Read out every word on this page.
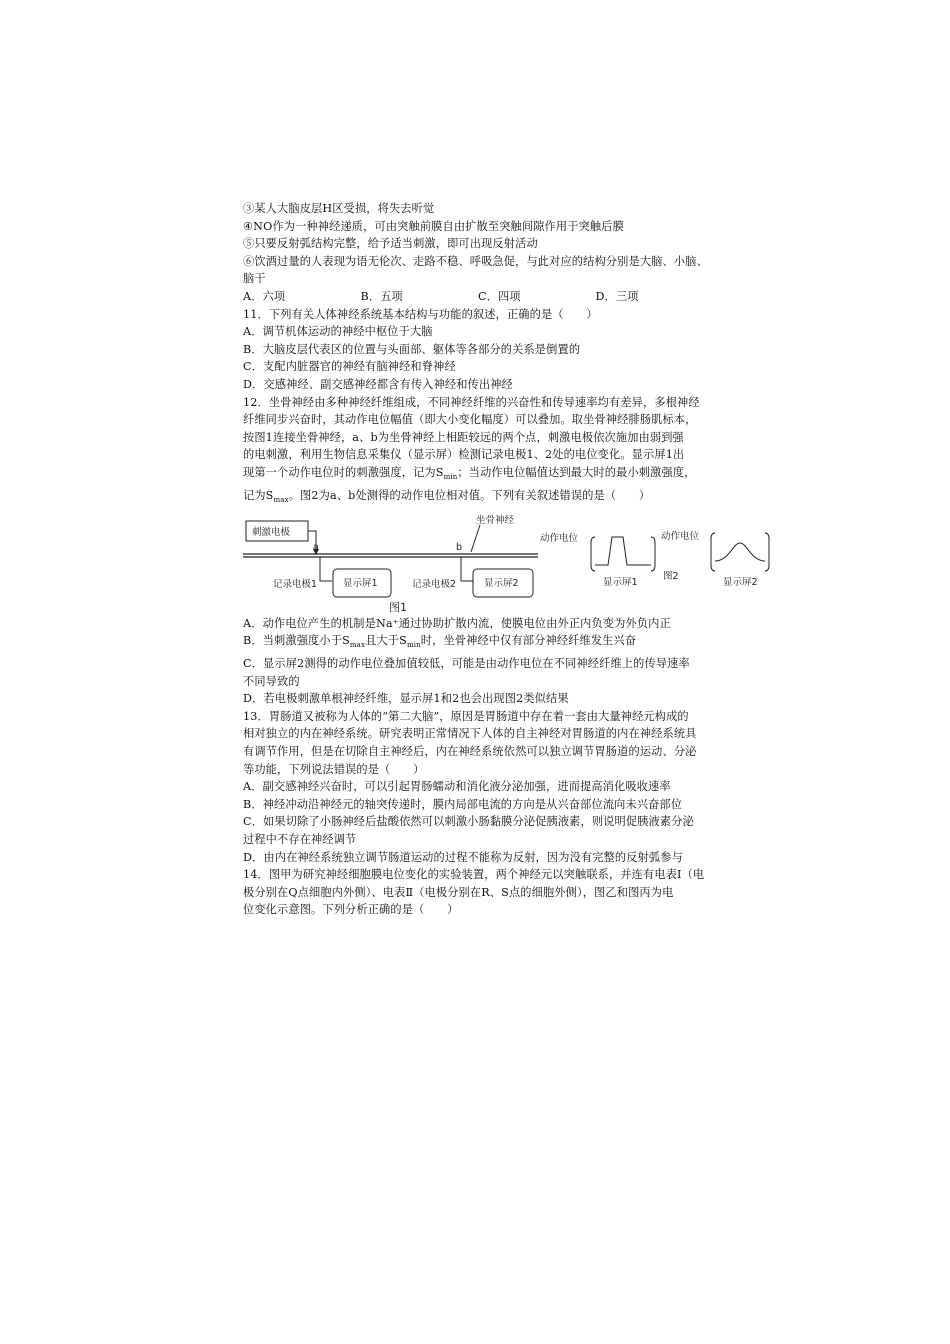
③某人大脑皮层H区受损，将失去听觉
④NO作为一种神经递质，可由突触前膜自由扩散至突触间隙作用于突触后膜
⑤只要反射弧结构完整，给予适当刺激，即可出现反射活动
⑥饮酒过量的人表现为语无伦次、走路不稳、呼吸急促，与此对应的结构分别是大脑、小脑、
脑干
A．六项	B．五项	C．四项	D．三项
11．下列有关人体神经系统基本结构与功能的叙述，正确的是（　　）
A．调节机体运动的神经中枢位于大脑
B．大脑皮层代表区的位置与头面部、躯体等各部分的关系是倒置的
C．支配内脏器官的神经有脑神经和脊神经
D．交感神经、副交感神经都含有传入神经和传出神经
12．坐骨神经由多种神经纤维组成，不同神经纤维的兴奋性和传导速率均有差异，多根神经
纤维同步兴奋时，其动作电位幅值（即大小变化幅度）可以叠加。取坐骨神经腓肠肌标本，
按图1连接坐骨神经，a、b为坐骨神经上相距较远的两个点，刺激电极依次施加由弱到强
的电刺激，利用生物信息采集仪（显示屏）检测记录电极1、2处的电位变化。显示屏1出
现第一个动作电位时的刺激强度，记为$S_{min}$；当动作电位幅值达到最大时的最小刺激强度，
记为$S_{max}$。图2为a、b处测得的动作电位相对值。下列有关叙述错误的是（　　）
刺激电极
坐骨神经
a	b
记录电极1	记录电极2
显示屏1	显示屏2
图1
动作电位	动作电位
显示屏1	显示屏2
图2
A．动作电位产生的机制是Na⁺通过协助扩散内流，使膜电位由外正内负变为外负内正
B．当刺激强度小于$S_{max}$且大于$S_{min}$时，坐骨神经中仅有部分神经纤维发生兴奋
C．显示屏2测得的动作电位叠加值较低，可能是由动作电位在不同神经纤维上的传导速率
不同导致的
D．若电极刺激单根神经纤维，显示屏1和2也会出现图2类似结果
13．胃肠道又被称为人体的“第二大脑”，原因是胃肠道中存在着一套由大量神经元构成的
相对独立的内在神经系统。研究表明正常情况下人体的自主神经对胃肠道的内在神经系统具
有调节作用，但是在切除自主神经后，内在神经系统依然可以独立调节胃肠道的运动、分泌
等功能，下列说法错误的是（　　）
A．副交感神经兴奋时，可以引起胃肠蠕动和消化液分泌加强，进而提高消化吸收速率
B．神经冲动沿神经元的轴突传递时，膜内局部电流的方向是从兴奋部位流向未兴奋部位
C．如果切除了小肠神经后盐酸依然可以刺激小肠黏膜分泌促胰液素，则说明促胰液素分泌
过程中不存在神经调节
D．由内在神经系统独立调节肠道运动的过程不能称为反射，因为没有完整的反射弧参与
14．图甲为研究神经细胞膜电位变化的实验装置，两个神经元以突触联系，并连有电表Ⅰ（电
极分别在Q点细胞内外侧）、电表Ⅱ（电极分别在R、S点的细胞外侧），图乙和图丙为电
位变化示意图。下列分析正确的是（　　）
